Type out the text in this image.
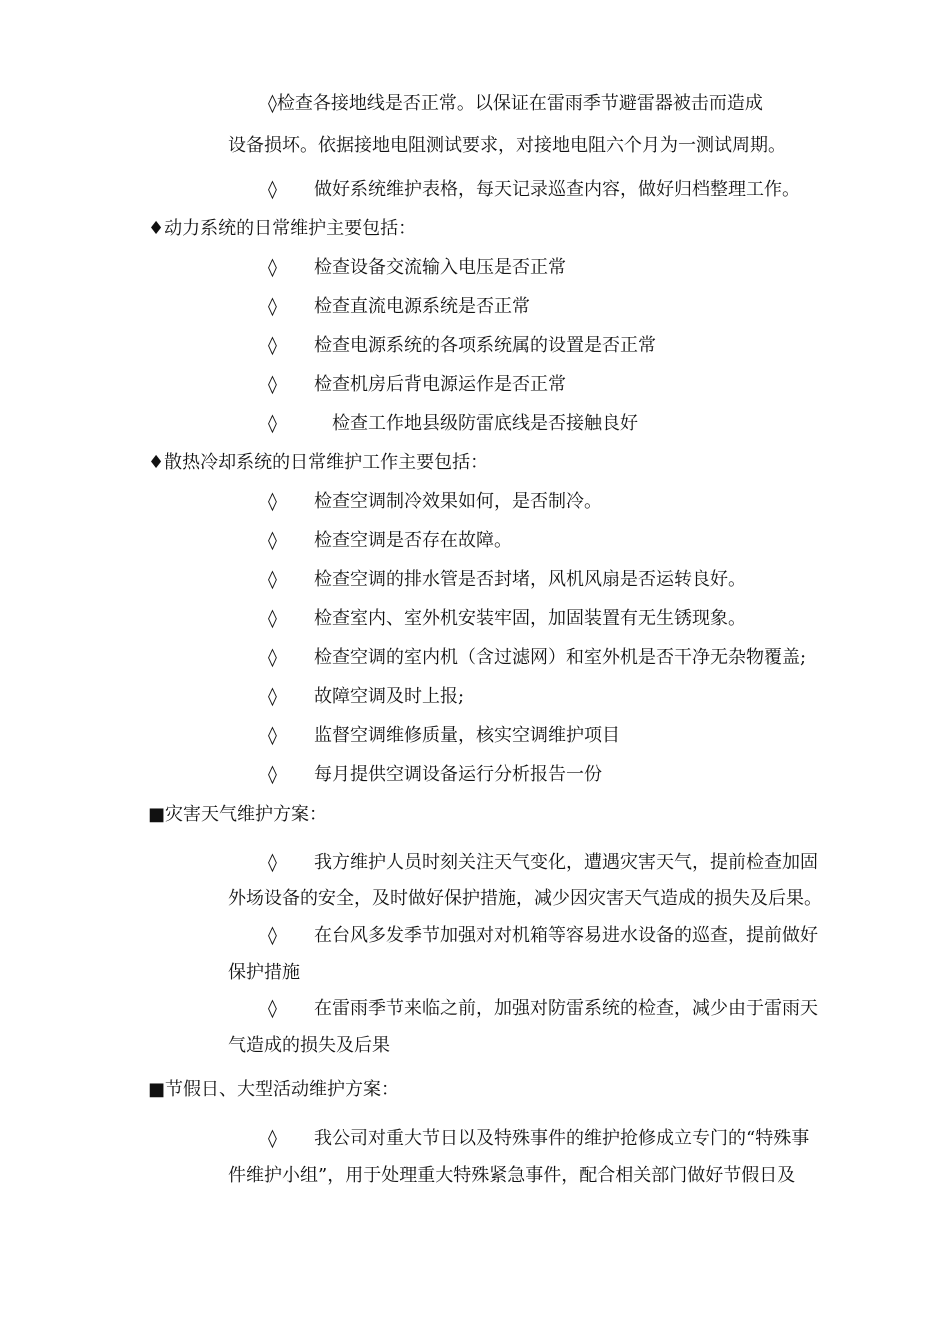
◊检查各接地线是否正常。以保证在雷雨季节避雷器被击而造成
设备损坏。依据接地电阻测试要求，对接地电阻六个月为一测试周期。
◊ 做好系统维护表格，每天记录巡查内容，做好归档整理工作。
♦动力系统的日常维护主要包括：
◊ 检查设备交流输入电压是否正常
◊ 检查直流电源系统是否正常
◊ 检查电源系统的各项系统属的设置是否正常
◊ 检查机房后背电源运作是否正常
◊	检查工作地县级防雷底线是否接触良好
♦散热冷却系统的日常维护工作主要包括：
◊ 检查空调制冷效果如何，是否制冷。
◊ 检查空调是否存在故障。
◊ 检查空调的排水管是否封堵，风机风扇是否运转良好。
◊ 检查室内、室外机安装牢固，加固装置有无生锈现象。
◊ 检查空调的室内机（含过滤网）和室外机是否干净无杂物覆盖;
◊ 故障空调及时上报;
◊ 监督空调维修质量，核实空调维护项目
◊ 每月提供空调设备运行分析报告一份
■灾害天气维护方案：
◊ 我方维护人员时刻关注天气变化，遭遇灾害天气，提前检查加固
外场设备的安全，及时做好保护措施，减少因灾害天气造成的损失及后果。
◊ 在台风多发季节加强对对机箱等容易进水设备的巡查，提前做好
保护措施
◊ 在雷雨季节来临之前，加强对防雷系统的检查，减少由于雷雨天
气造成的损失及后果
■节假日、大型活动维护方案：
◊ 我公司对重大节日以及特殊事件的维护抢修成立专门的“特殊事
件维护小组”，用于处理重大特殊紧急事件，配合相关部门做好节假日及
